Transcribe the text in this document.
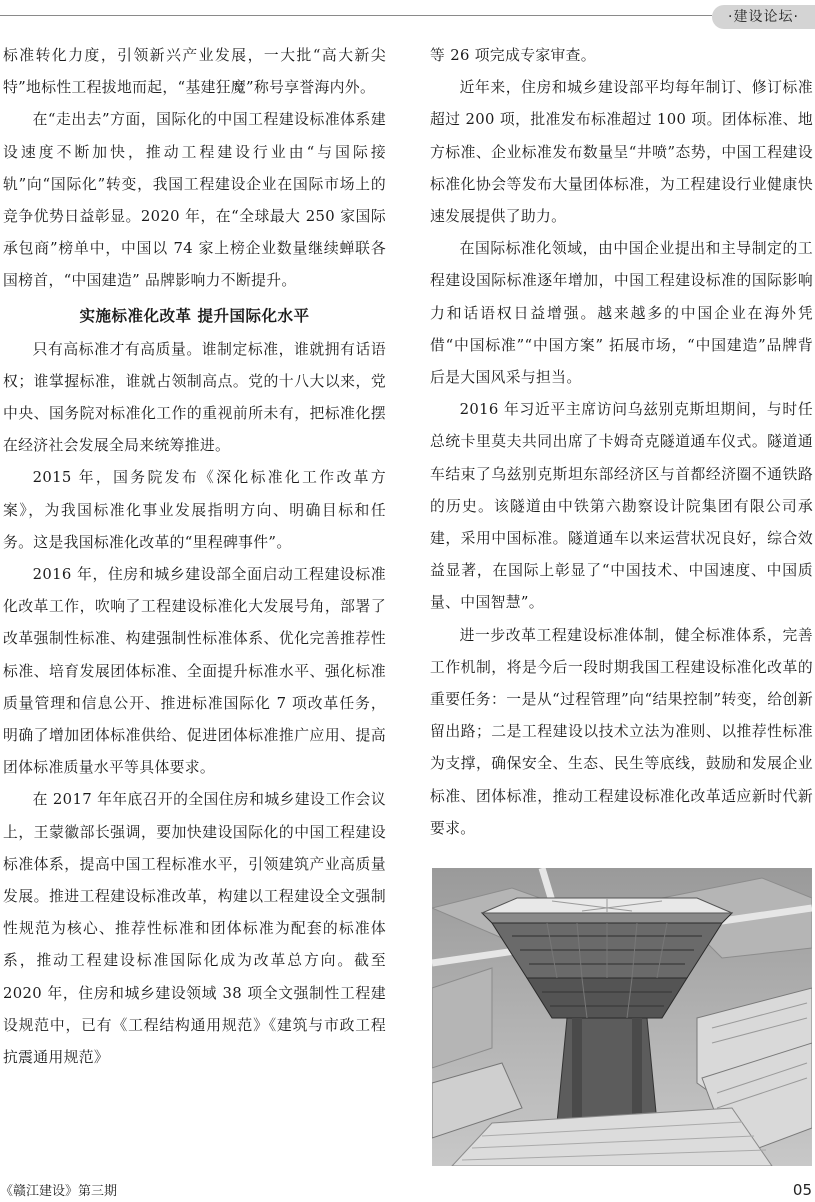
·建设论坛·

标准转化力度，引领新兴产业发展，一大批“高大新尖特”地标性工程拔地而起，“基建狂魔”称号享誉海内外。

在“走出去”方面，国际化的中国工程建设标准体系建设速度不断加快，推动工程建设行业由“与国际接轨”向“国际化”转变，我国工程建设企业在国际市场上的竞争优势日益彰显。2020 年，在“全球最大 250 家国际承包商”榜单中，中国以 74 家上榜企业数量继续蝉联各国榜首，“中国建造” 品牌影响力不断提升。

实施标准化改革 提升国际化水平

只有高标准才有高质量。谁制定标准，谁就拥有话语权；谁掌握标准，谁就占领制高点。党的十八大以来，党中央、国务院对标准化工作的重视前所未有，把标准化摆在经济社会发展全局来统筹推进。

2015 年，国务院发布《深化标准化工作改革方案》，为我国标准化事业发展指明方向、明确目标和任务。这是我国标准化改革的“里程碑事件”。

2016 年，住房和城乡建设部全面启动工程建设标准化改革工作，吹响了工程建设标准化大发展号角，部署了改革强制性标准、构建强制性标准体系、优化完善推荐性标准、培育发展团体标准、全面提升标准水平、强化标准质量管理和信息公开、推进标准国际化 7 项改革任务，明确了增加团体标准供给、促进团体标准推广应用、提高团体标准质量水平等具体要求。

在 2017 年年底召开的全国住房和城乡建设工作会议上，王蒙徽部长强调，要加快建设国际化的中国工程建设标准体系，提高中国工程标准水平，引领建筑产业高质量发展。推进工程建设标准改革，构建以工程建设全文强制性规范为核心、推荐性标准和团体标准为配套的标准体系，推动工程建设标准国际化成为改革总方向。截至 2020 年，住房和城乡建设领域 38 项全文强制性工程建设规范中，已有《工程结构通用规范》《建筑与市政工程抗震通用规范》

等 26 项完成专家审查。

近年来，住房和城乡建设部平均每年制订、修订标准超过 200 项，批准发布标准超过 100 项。团体标准、地方标准、企业标准发布数量呈“井喷”态势，中国工程建设标准化协会等发布大量团体标准，为工程建设行业健康快速发展提供了助力。

在国际标准化领域，由中国企业提出和主导制定的工程建设国际标准逐年增加，中国工程建设标准的国际影响力和话语权日益增强。越来越多的中国企业在海外凭借“中国标准”“中国方案” 拓展市场，“中国建造”品牌背后是大国风采与担当。

2016 年习近平主席访问乌兹别克斯坦期间，与时任总统卡里莫夫共同出席了卡姆奇克隧道通车仪式。隧道通车结束了乌兹别克斯坦东部经济区与首都经济圈不通铁路的历史。该隧道由中铁第六勘察设计院集团有限公司承建，采用中国标准。隧道通车以来运营状况良好，综合效益显著，在国际上彰显了“中国技术、中国速度、中国质量、中国智慧”。

进一步改革工程建设标准体制，健全标准体系，完善工作机制，将是今后一段时期我国工程建设标准化改革的重要任务：一是从“过程管理”向“结果控制”转变，给创新留出路；二是工程建设以技术立法为准则、以推荐性标准为支撑，确保安全、生态、民生等底线，鼓励和发展企业标准、团体标准，推动工程建设标准化改革适应新时代新要求。

《赣江建设》第三期	05
